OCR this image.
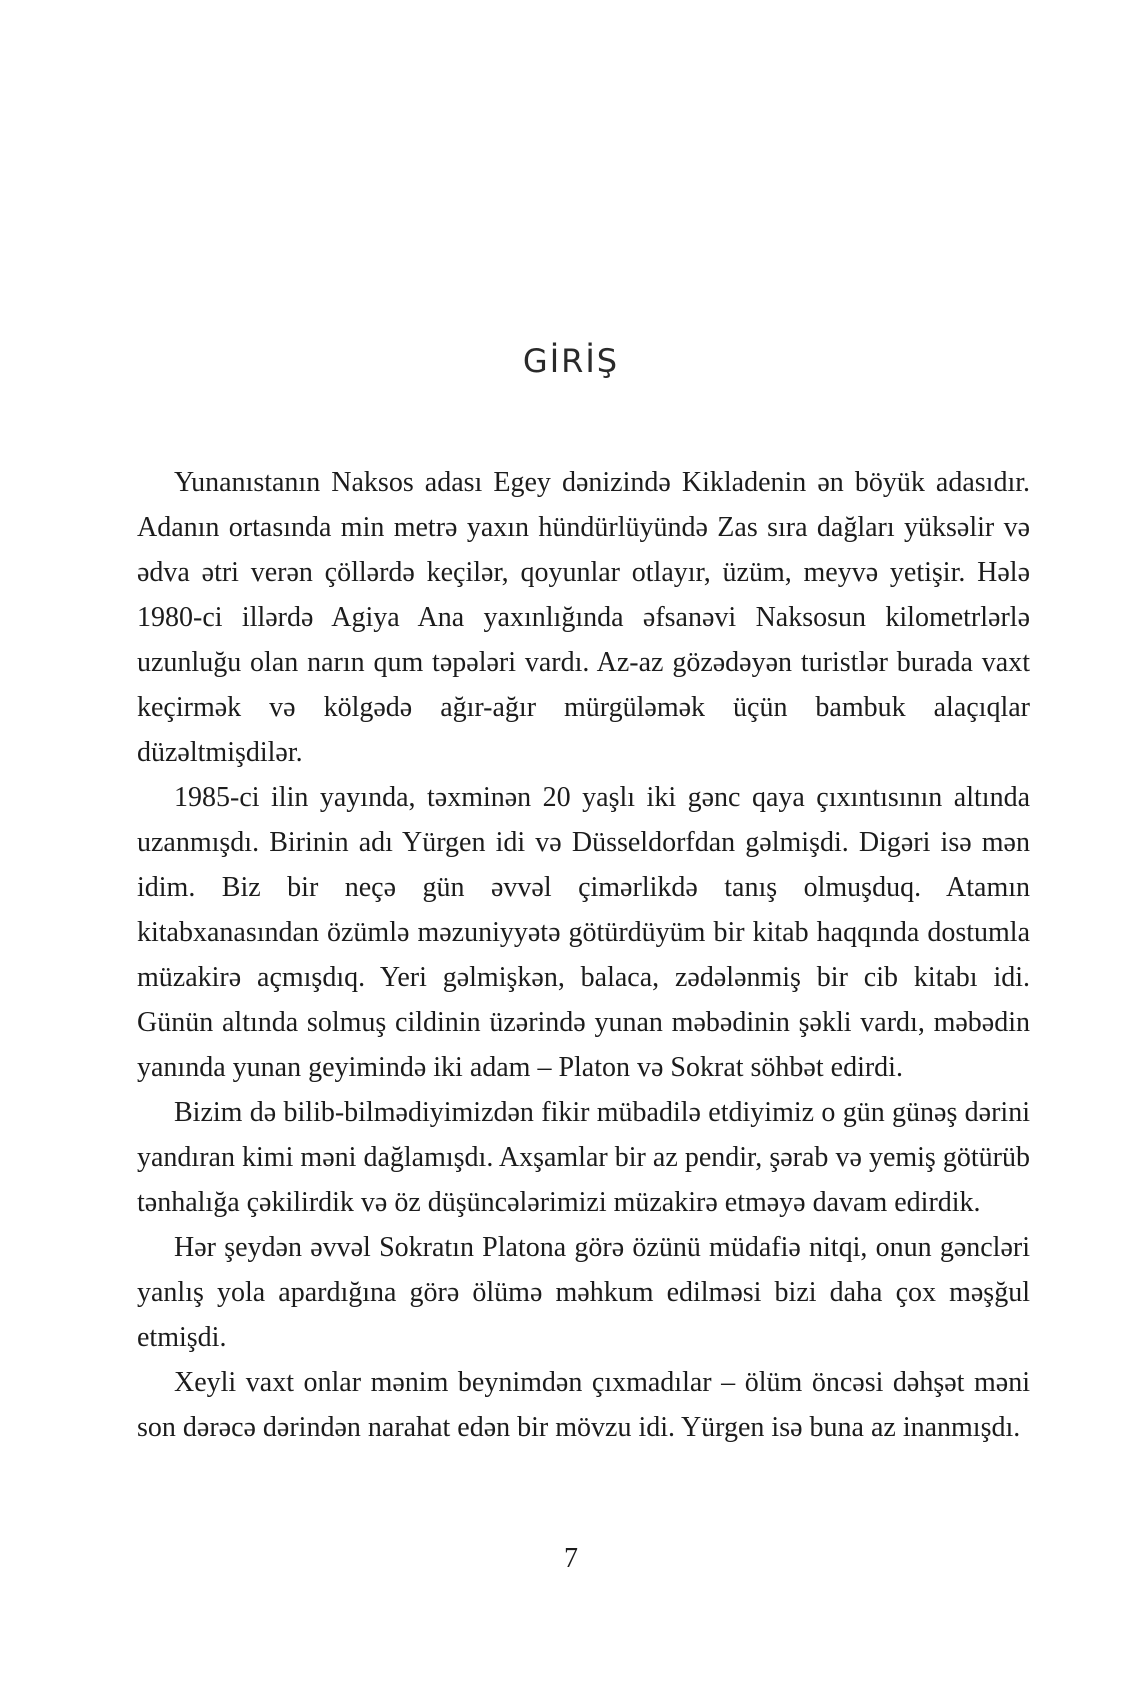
GİRİŞ

Yunanıstanın Naksos adası Egey dənizində Kikladenin ən böyük adasıdır. Adanın ortasında min metrə yaxın hündürlüyündə Zas sıra dağları yüksəlir və ədva ətri verən çöllərdə keçilər, qoyunlar otlayır, üzüm, meyvə yetişir. Hələ 1980-ci illərdə Agiya Ana yaxınlığında əfsanəvi Naksosun kilometrlərlə uzunluğu olan narın qum təpələri vardı. Az-az gözədəyən turistlər burada vaxt keçirmək və kölgədə ağır-ağır mürgüləmək üçün bambuk alaçıqlar düzəltmişdilər.

1985-ci ilin yayında, təxminən 20 yaşlı iki gənc qaya çıxıntısının altında uzanmışdı. Birinin adı Yürgen idi və Düsseldorfdan gəlmişdi. Digəri isə mən idim. Biz bir neçə gün əvvəl çimərlikdə tanış olmuşduq. Atamın kitabxanasından özümlə məzuniyyətə götürdüyüm bir kitab haqqında dostumla müzakirə açmışdıq. Yeri gəlmişkən, balaca, zədələnmiş bir cib kitabı idi. Günün altında solmuş cildinin üzərində yunan məbədinin şəkli vardı, məbədin yanında yunan geyimində iki adam – Platon və Sokrat söhbət edirdi.

Bizim də bilib-bilmədiyimizdən fikir mübadilə etdiyimiz o gün günəş dərini yandıran kimi məni dağlamışdı. Axşamlar bir az pendir, şərab və yemiş götürüb tənhalığa çəkilirdik və öz düşüncələrimizi müzakirə etməyə davam edirdik.

Hər şeydən əvvəl Sokratın Platona görə özünü müdafiə nitqi, onun gəncləri yanlış yola apardığına görə ölümə məhkum edilməsi bizi daha çox məşğul etmişdi.

Xeyli vaxt onlar mənim beynimdən çıxmadılar – ölüm öncəsi dəhşət məni son dərəcə dərindən narahat edən bir mövzu idi. Yürgen isə buna az inanmışdı.

7
